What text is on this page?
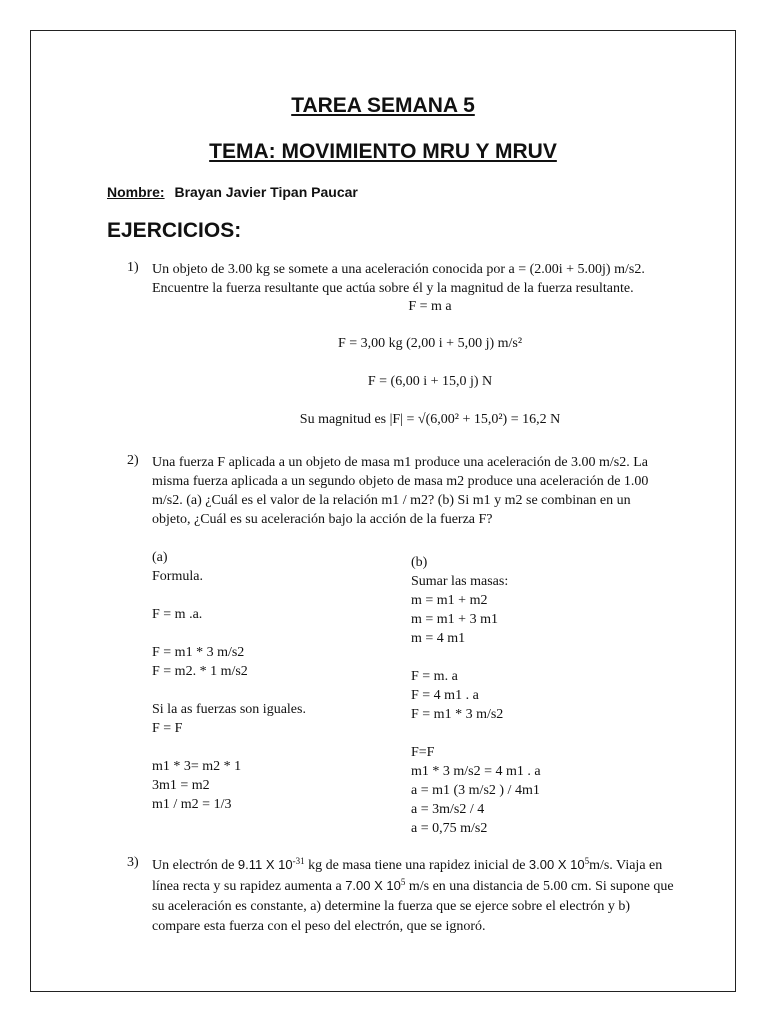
TAREA SEMANA 5
TEMA: MOVIMIENTO MRU Y MRUV
Nombre: Brayan Javier Tipan Paucar
EJERCICIOS:
1) Un objeto de 3.00 kg se somete a una aceleración conocida por a = (2.00i + 5.00j) m/s2.
Encuentre la fuerza resultante que actúa sobre él y la magnitud de la fuerza resultante.
F = m a
F = 3,00 kg (2,00 i + 5,00 j) m/s²
F = (6,00 i + 15,0 j) N
Su magnitud es |F| = √(6,00² + 15,0²) = 16,2 N
2) Una fuerza F aplicada a un objeto de masa m1 produce una aceleración de 3.00 m/s2. La
misma fuerza aplicada a un segundo objeto de masa m2 produce una aceleración de 1.00
m/s2. (a) ¿Cuál es el valor de la relación m1 / m2? (b) Si m1 y m2 se combinan en un
objeto, ¿Cuál es su aceleración bajo la acción de la fuerza F?
(a)
Formula.
F = m .a.
F = m1 * 3 m/s2
F = m2. * 1 m/s2
Si la as fuerzas son iguales.
F = F
m1 * 3= m2 * 1
3m1 = m2
m1 / m2 = 1/3
(b)
Sumar las masas:
m = m1 + m2
m = m1 + 3 m1
m = 4 m1
F = m. a
F = 4 m1 . a
F = m1 * 3 m/s2
F=F
m1 * 3 m/s2 = 4 m1 . a
a = m1 (3 m/s2 ) / 4m1
a = 3m/s2 / 4
a = 0,75 m/s2
3) Un electrón de 9.11 X $10^{-31}$ kg de masa tiene una rapidez inicial de 3.00 X $10^5m/s$. Viaja en
línea recta y su rapidez aumenta a 7.00 X $10^5$ m/s en una distancia de 5.00 cm. Si supone que
su aceleración es constante, a) determine la fuerza que se ejerce sobre el electrón y b)
compare esta fuerza con el peso del electrón, que se ignoró.
